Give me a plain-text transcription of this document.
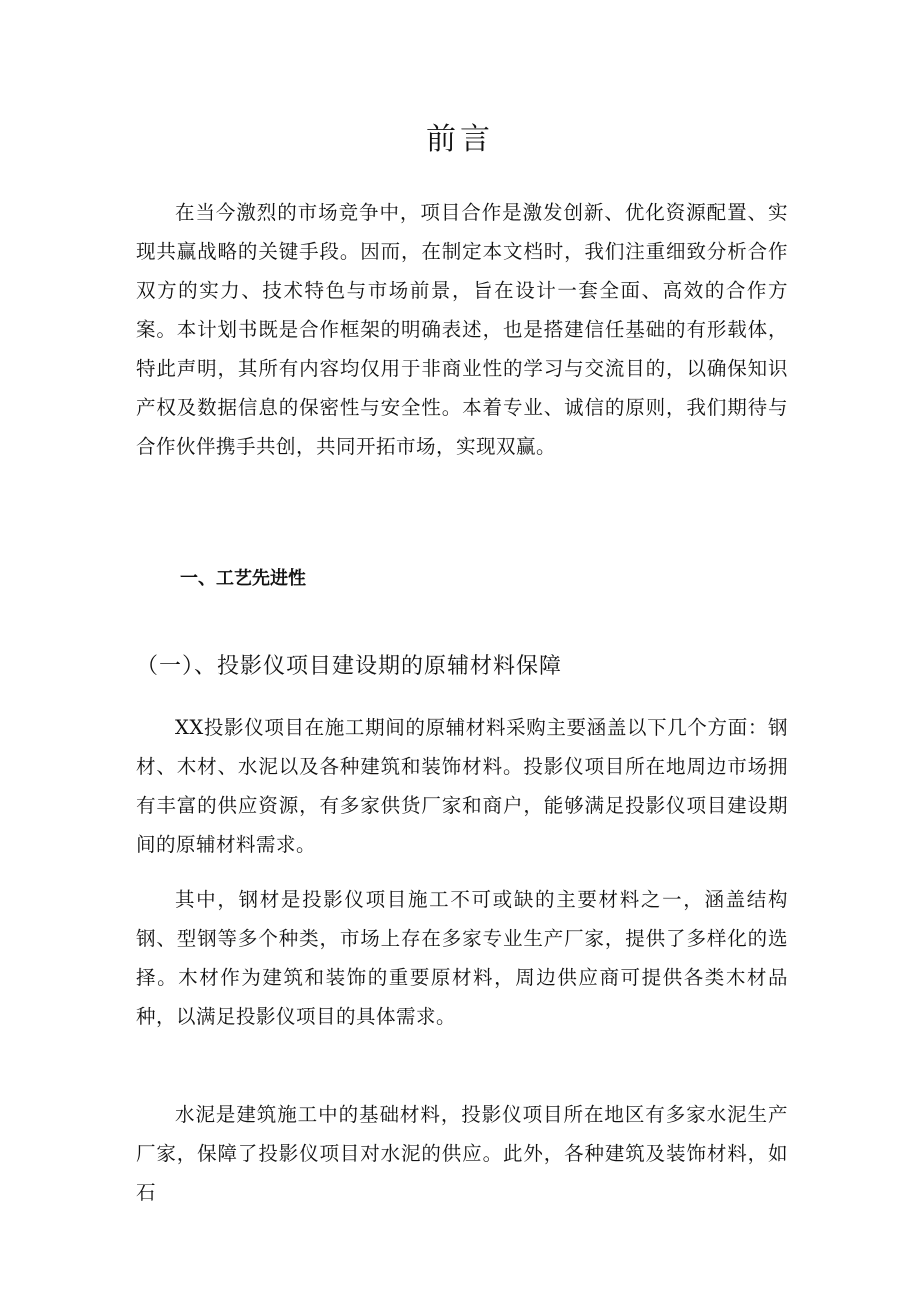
前言

在当今激烈的市场竞争中，项目合作是激发创新、优化资源配置、实现共赢战略的关键手段。因而，在制定本文档时，我们注重细致分析合作双方的实力、技术特色与市场前景，旨在设计一套全面、高效的合作方案。本计划书既是合作框架的明确表述，也是搭建信任基础的有形载体，特此声明，其所有内容均仅用于非商业性的学习与交流目的，以确保知识产权及数据信息的保密性与安全性。本着专业、诚信的原则，我们期待与合作伙伴携手共创，共同开拓市场，实现双赢。

一、工艺先进性
（一）、投影仪项目建设期的原辅材料保障

XX投影仪项目在施工期间的原辅材料采购主要涵盖以下几个方面：钢材、木材、水泥以及各种建筑和装饰材料。投影仪项目所在地周边市场拥有丰富的供应资源，有多家供货厂家和商户，能够满足投影仪项目建设期间的原辅材料需求。

其中，钢材是投影仪项目施工不可或缺的主要材料之一，涵盖结构钢、型钢等多个种类，市场上存在多家专业生产厂家，提供了多样化的选择。木材作为建筑和装饰的重要原材料，周边供应商可提供各类木材品种，以满足投影仪项目的具体需求。

水泥是建筑施工中的基础材料，投影仪项目所在地区有多家水泥生产厂家，保障了投影仪项目对水泥的供应。此外，各种建筑及装饰材料，如石
